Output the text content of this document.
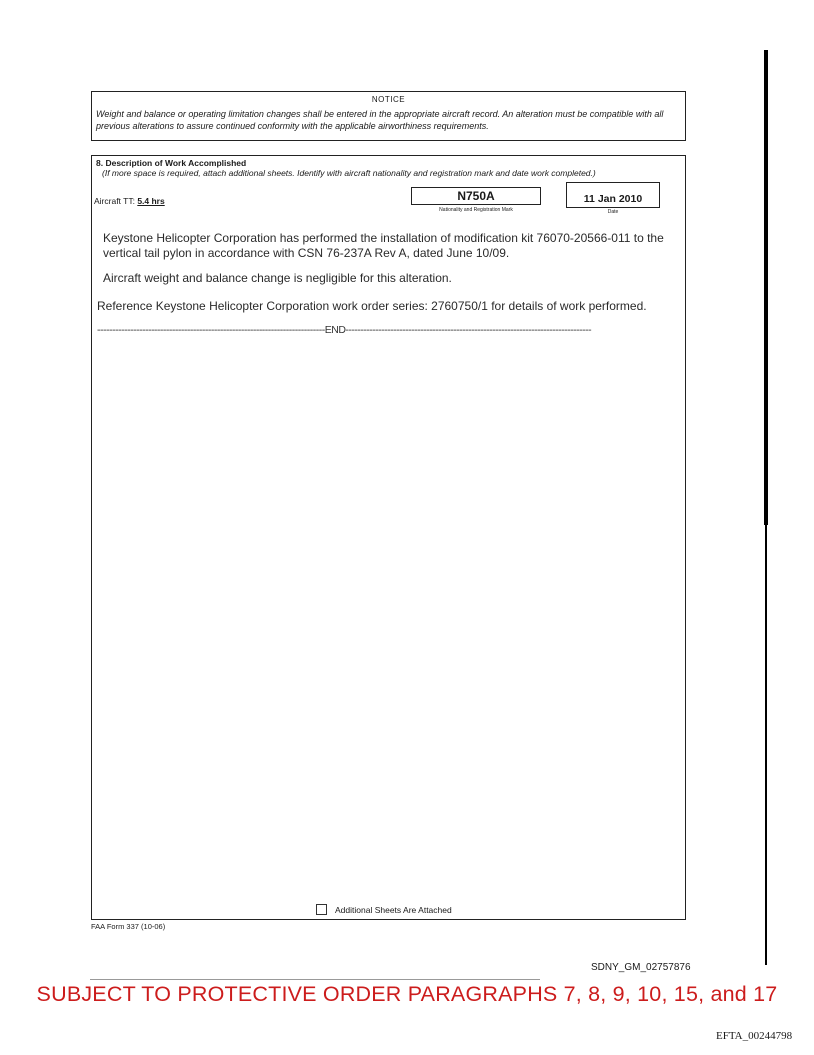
NOTICE
Weight and balance or operating limitation changes shall be entered in the appropriate aircraft record. An alteration must be compatible with all previous alterations to assure continued conformity with the applicable airworthiness requirements.
8. Description of Work Accomplished
(If more space is required, attach additional sheets. Identify with aircraft nationality and registration mark and date work completed.)
Aircraft TT: 5.4 hrs	N750A
Nationality and Registration Mark
11 Jan 2010
Date
Keystone Helicopter Corporation has performed the installation of modification kit 76070-20566-011 to the vertical tail pylon in accordance with CSN 76-237A Rev A, dated June 10/09.
Aircraft weight and balance change is negligible for this alteration.
Reference Keystone Helicopter Corporation work order series: 2760750/1 for details of work performed.
----------------------------------------------------------------------------END----------------------------------------------------------------------------------
Additional Sheets Are Attached
FAA Form 337 (10-06)
SDNY_GM_02757876
SUBJECT TO PROTECTIVE ORDER PARAGRAPHS 7, 8, 9, 10, 15, and 17
EFTA_00244798
